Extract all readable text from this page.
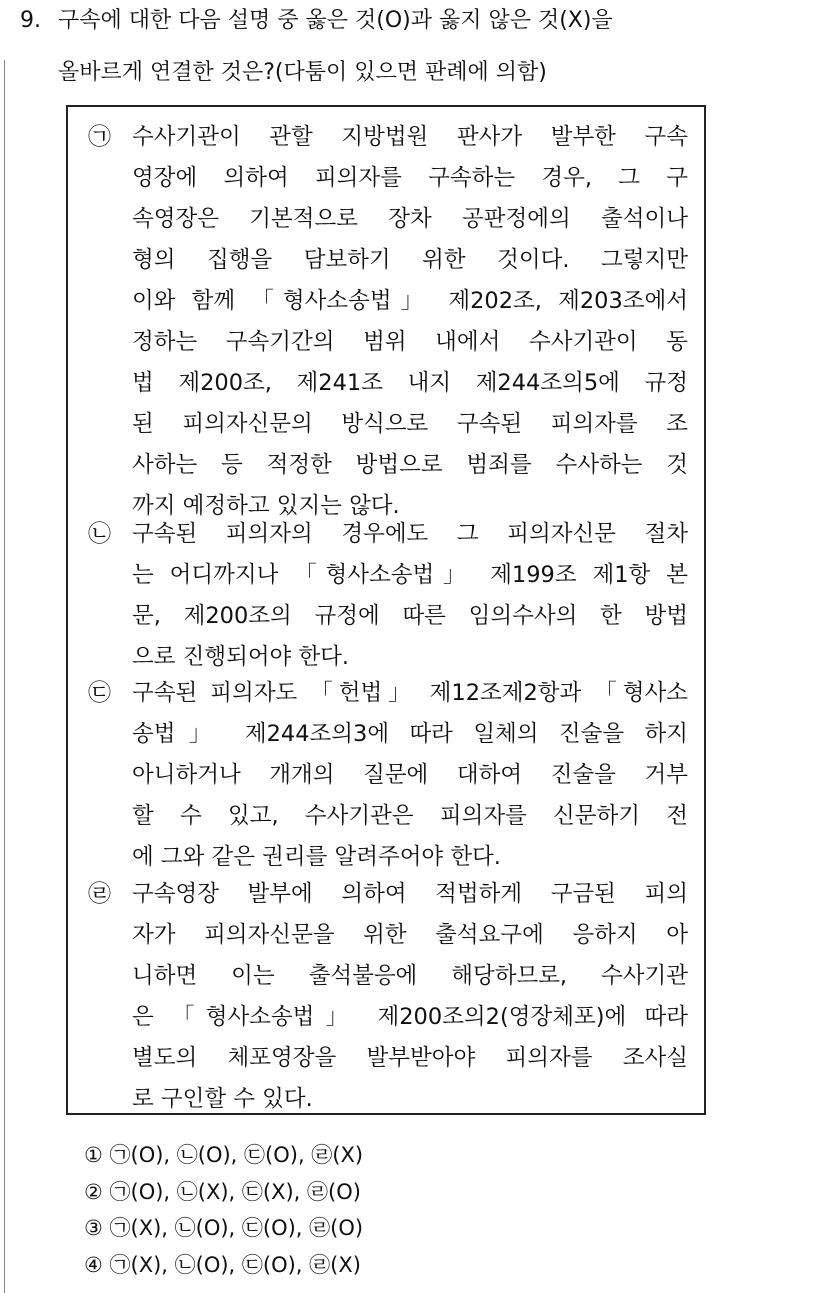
9. 구속에 대한 다음 설명 중 옳은 것(O)과 옳지 않은 것(X)을
올바르게 연결한 것은?(다툼이 있으면 판례에 의함)
㉠ 수사기관이 관할 지방법원 판사가 발부한 구속
영장에 의하여 피의자를 구속하는 경우, 그 구
속영장은 기본적으로 장차 공판정에의 출석이나
형의 집행을 담보하기 위한 것이다. 그렇지만
이와 함께 「형사소송법」 제202조, 제203조에서
정하는 구속기간의 범위 내에서 수사기관이 동
법 제200조, 제241조 내지 제244조의5에 규정
된 피의자신문의 방식으로 구속된 피의자를 조
사하는 등 적정한 방법으로 범죄를 수사하는 것
까지 예정하고 있지는 않다.
㉡ 구속된 피의자의 경우에도 그 피의자신문 절차
는 어디까지나 「형사소송법」 제199조 제1항 본
문, 제200조의 규정에 따른 임의수사의 한 방법
으로 진행되어야 한다.
㉢ 구속된 피의자도 「헌법」 제12조제2항과 「형사소
송법」 제244조의3에 따라 일체의 진술을 하지
아니하거나 개개의 질문에 대하여 진술을 거부
할 수 있고, 수사기관은 피의자를 신문하기 전
에 그와 같은 권리를 알려주어야 한다.
㉣ 구속영장 발부에 의하여 적법하게 구금된 피의
자가 피의자신문을 위한 출석요구에 응하지 아
니하면 이는 출석불응에 해당하므로, 수사기관
은 「형사소송법」 제200조의2(영장체포)에 따라
별도의 체포영장을 발부받아야 피의자를 조사실
로 구인할 수 있다.
① ㉠(O), ㉡(O), ㉢(O), ㉣(X)
② ㉠(O), ㉡(X), ㉢(X), ㉣(O)
③ ㉠(X), ㉡(O), ㉢(O), ㉣(O)
④ ㉠(X), ㉡(O), ㉢(O), ㉣(X)
